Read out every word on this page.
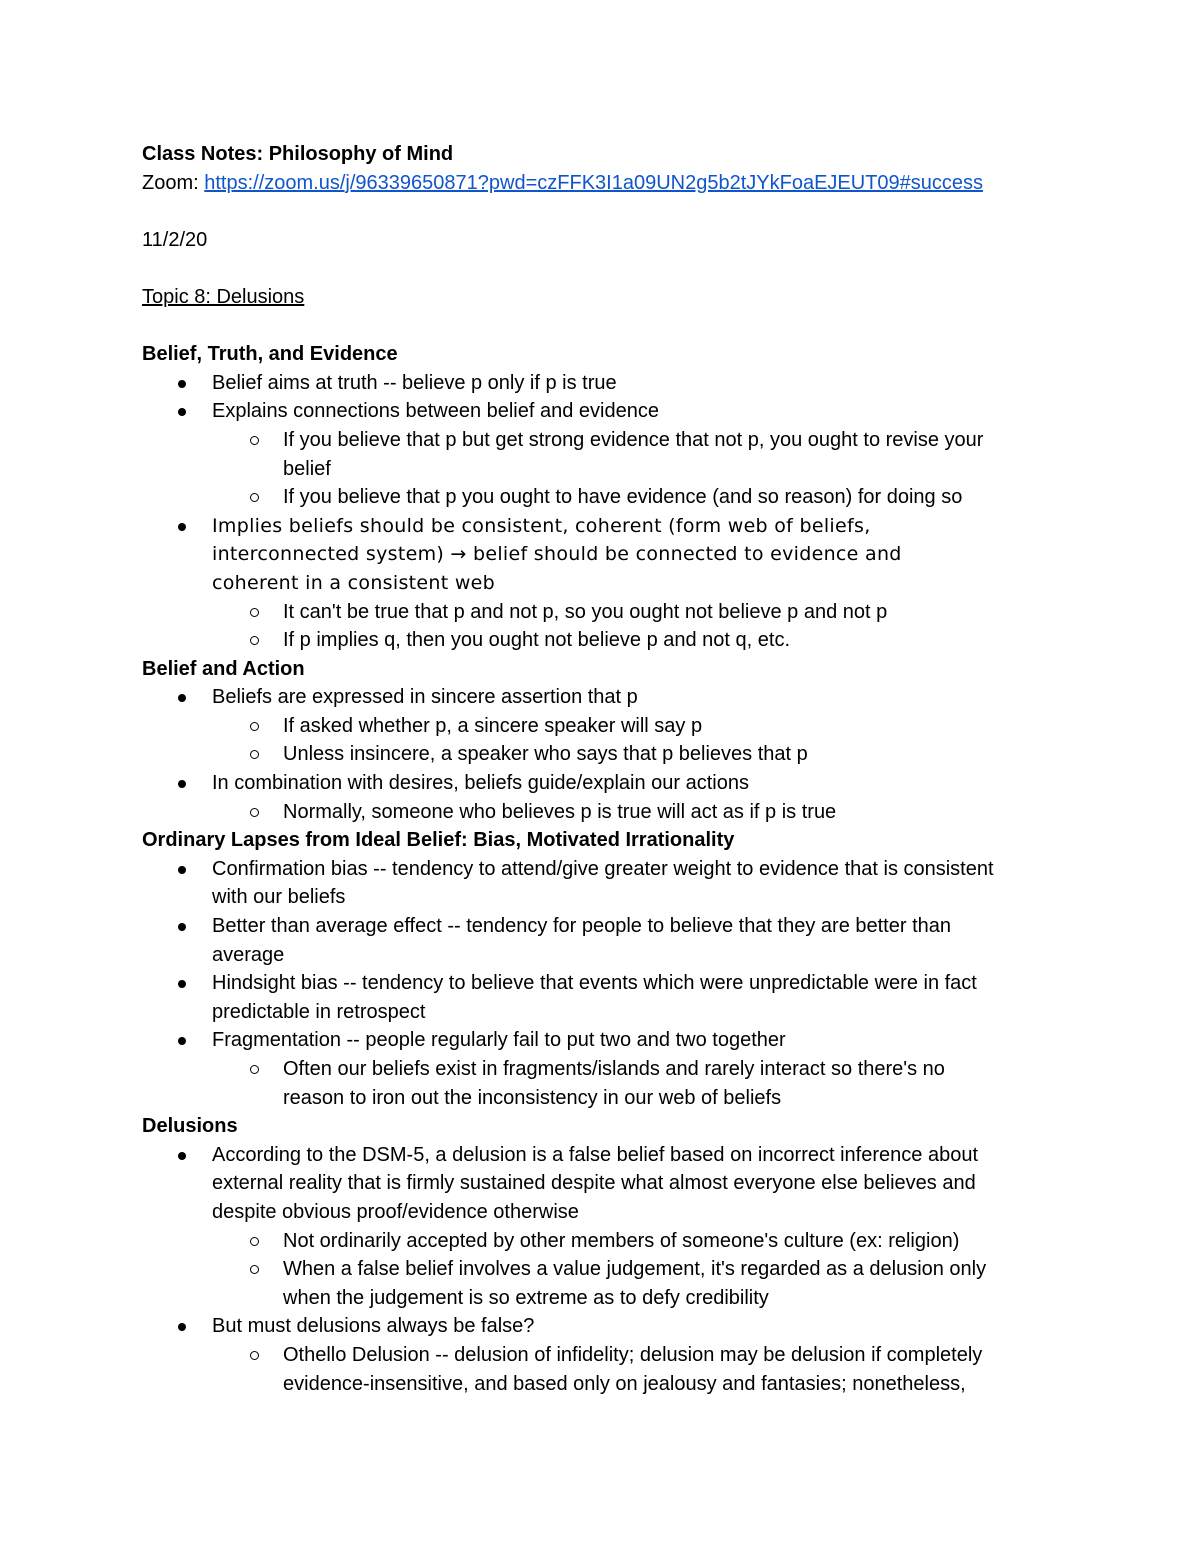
Class Notes: Philosophy of Mind

Zoom: https://zoom.us/j/96339650871?pwd=czFFK3I1a09UN2g5b2tJYkFoaEJEUT09#success

11/2/20

Topic 8: Delusions

Belief, Truth, and Evidence

Belief aims at truth -- believe p only if p is true
Explains connections between belief and evidence
If you believe that p but get strong evidence that not p, you ought to revise your
belief
If you believe that p you ought to have evidence (and so reason) for doing so
Implies beliefs should be consistent, coherent (form web of beliefs,
interconnected system) → belief should be connected to evidence and
coherent in a consistent web
It can't be true that p and not p, so you ought not believe p and not p
If p implies q, then you ought not believe p and not q, etc.

Belief and Action

Beliefs are expressed in sincere assertion that p
If asked whether p, a sincere speaker will say p
Unless insincere, a speaker who says that p believes that p
In combination with desires, beliefs guide/explain our actions
Normally, someone who believes p is true will act as if p is true

Ordinary Lapses from Ideal Belief: Bias, Motivated Irrationality

Confirmation bias -- tendency to attend/give greater weight to evidence that is consistent
with our beliefs
Better than average effect -- tendency for people to believe that they are better than
average
Hindsight bias -- tendency to believe that events which were unpredictable were in fact
predictable in retrospect
Fragmentation -- people regularly fail to put two and two together
Often our beliefs exist in fragments/islands and rarely interact so there's no
reason to iron out the inconsistency in our web of beliefs

Delusions

According to the DSM-5, a delusion is a false belief based on incorrect inference about
external reality that is firmly sustained despite what almost everyone else believes and
despite obvious proof/evidence otherwise
Not ordinarily accepted by other members of someone's culture (ex: religion)
When a false belief involves a value judgement, it's regarded as a delusion only
when the judgement is so extreme as to defy credibility
But must delusions always be false?
Othello Delusion -- delusion of infidelity; delusion may be delusion if completely
evidence-insensitive, and based only on jealousy and fantasies; nonetheless,
